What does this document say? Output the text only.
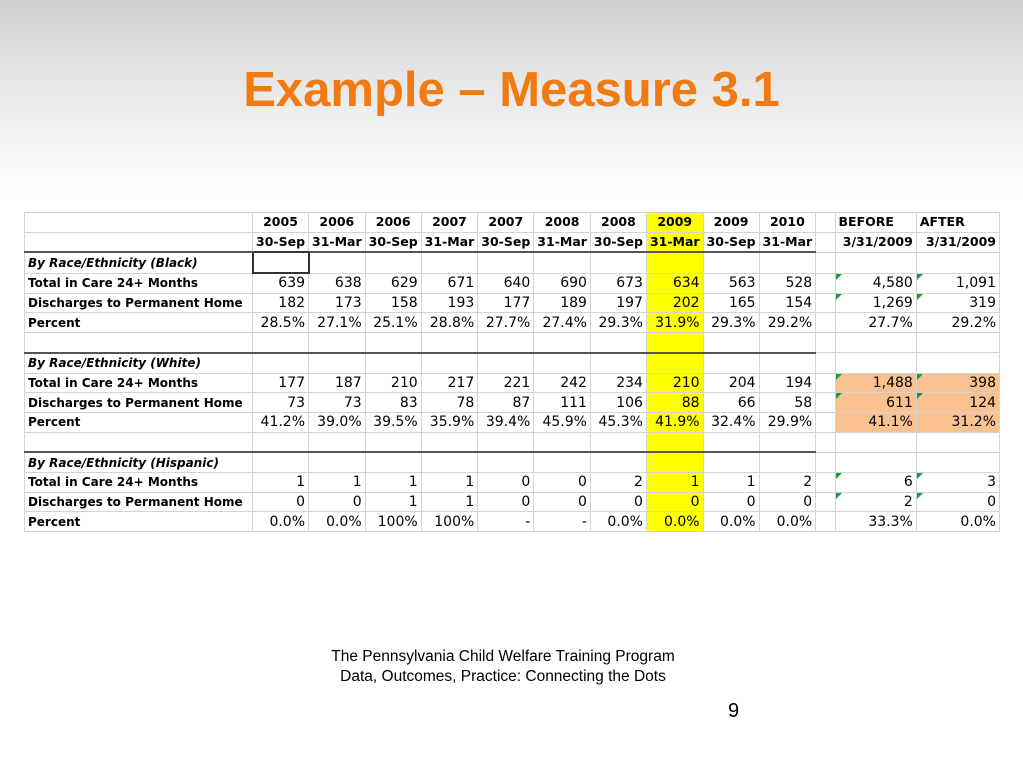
Example – Measure 3.1
	2005	2006	2006	2007	2007	2008	2008	2009	2009	2010		BEFORE	AFTER
	30-Sep	31-Mar	30-Sep	31-Mar	30-Sep	31-Mar	30-Sep	31-Mar	30-Sep	31-Mar		3/31/2009	3/31/2009
By Race/Ethnicity (Black)													
Total in Care 24+ Months	639	638	629	671	640	690	673	634	563	528		4,580	1,091
Discharges to Permanent Home	182	173	158	193	177	189	197	202	165	154		1,269	319
Percent	28.5%	27.1%	25.1%	28.8%	27.7%	27.4%	29.3%	31.9%	29.3%	29.2%		27.7%	29.2%

By Race/Ethnicity (White)													
Total in Care 24+ Months	177	187	210	217	221	242	234	210	204	194		1,488	398
Discharges to Permanent Home	73	73	83	78	87	111	106	88	66	58		611	124
Percent	41.2%	39.0%	39.5%	35.9%	39.4%	45.9%	45.3%	41.9%	32.4%	29.9%		41.1%	31.2%

By Race/Ethnicity (Hispanic)													
Total in Care 24+ Months	1	1	1	1	0	0	2	1	1	2		6	3
Discharges to Permanent Home	0	0	1	1	0	0	0	0	0	0		2	0
Percent	0.0%	0.0%	100%	100%	-	-	0.0%	0.0%	0.0%	0.0%		33.3%	0.0%
The Pennsylvania Child Welfare Training Program
Data, Outcomes, Practice: Connecting the Dots
9
